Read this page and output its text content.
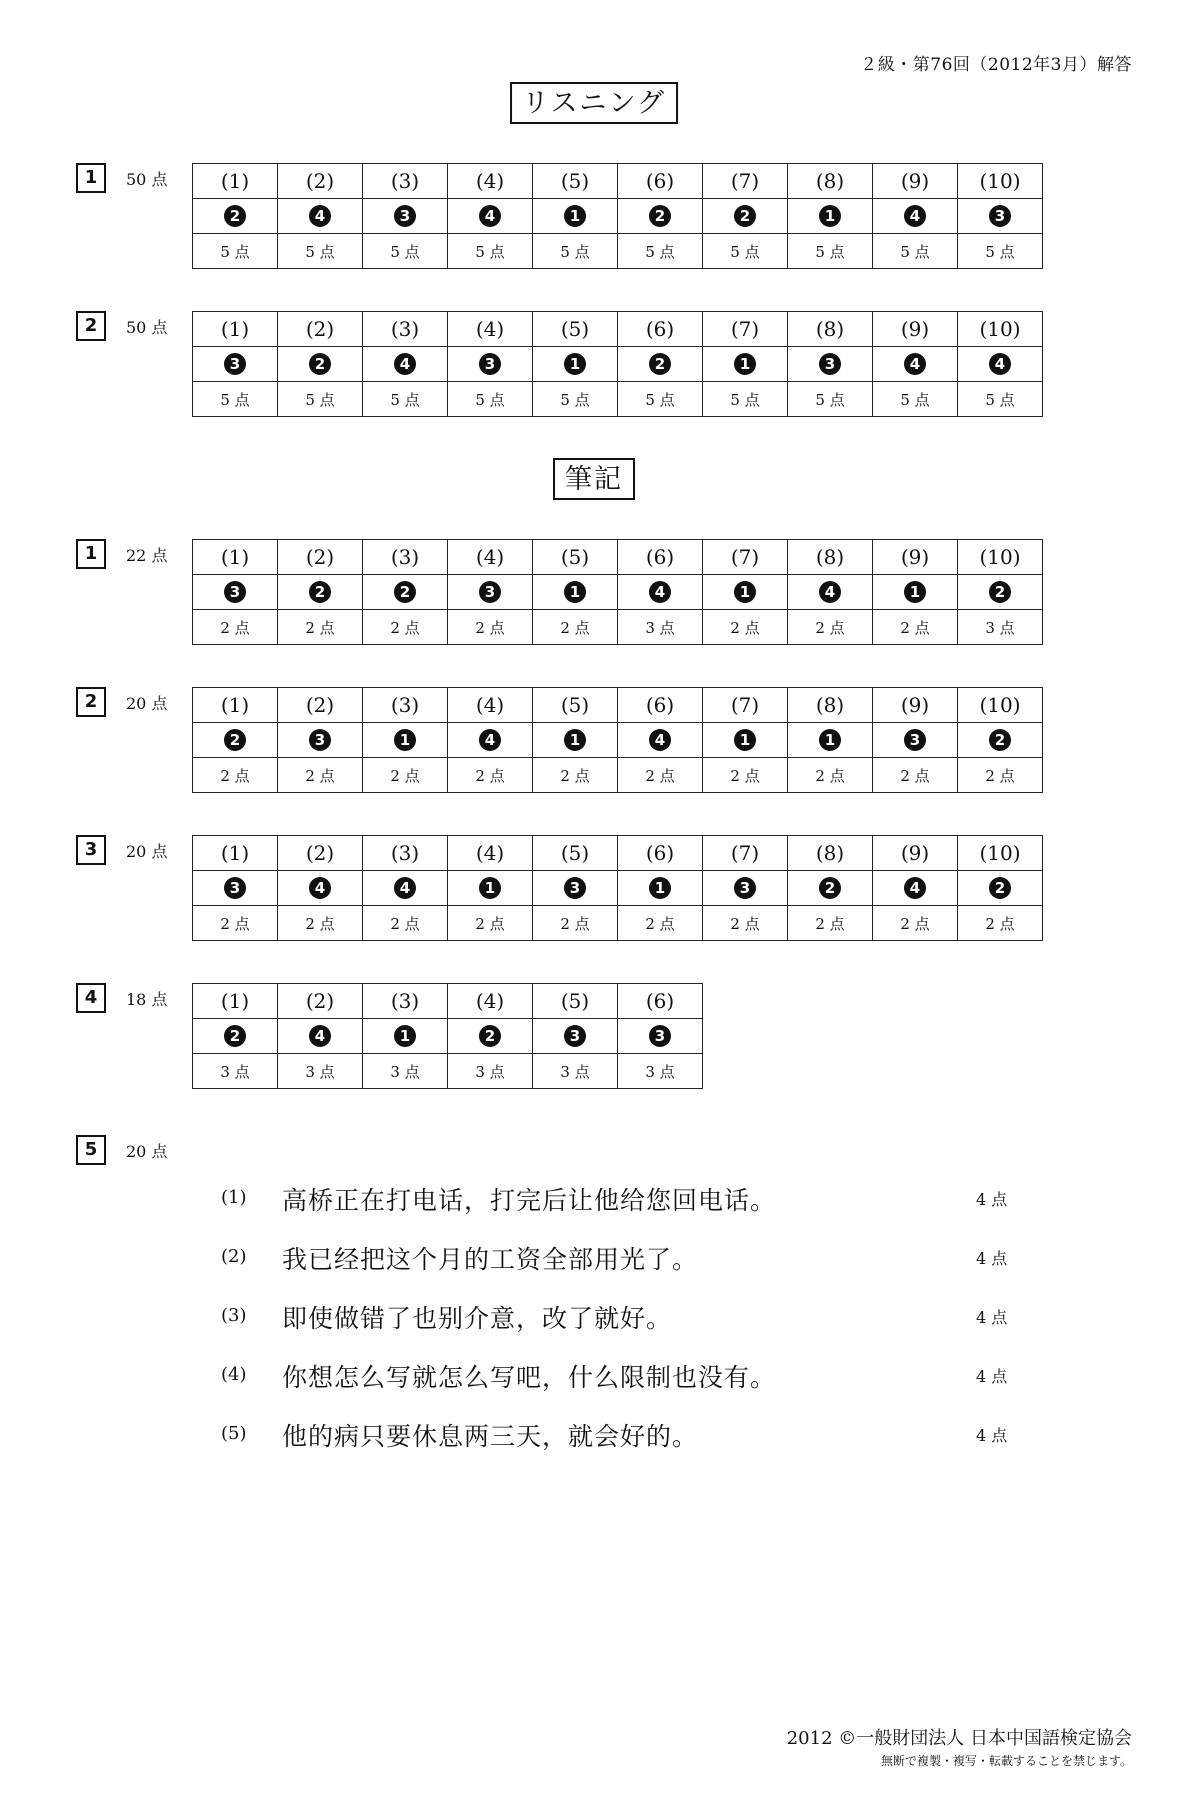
２級・第76回（2012年3月）解答
リスニング
1	50 点	(1)	(2)	(3)	(4)	(5)	(6)	(7)	(8)	(9)	(10)
2	4	3	4	1	2	2	1	4	3
5 点	5 点	5 点	5 点	5 点	5 点	5 点	5 点	5 点	5 点
2	50 点	(1)	(2)	(3)	(4)	(5)	(6)	(7)	(8)	(9)	(10)
3	2	4	3	1	2	1	3	4	4
5 点	5 点	5 点	5 点	5 点	5 点	5 点	5 点	5 点	5 点
筆記
1	22 点	(1)	(2)	(3)	(4)	(5)	(6)	(7)	(8)	(9)	(10)
3	2	2	3	1	4	1	4	1	2
2 点	2 点	2 点	2 点	2 点	3 点	2 点	2 点	2 点	3 点
2	20 点	(1)	(2)	(3)	(4)	(5)	(6)	(7)	(8)	(9)	(10)
2	3	1	4	1	4	1	1	3	2
2 点	2 点	2 点	2 点	2 点	2 点	2 点	2 点	2 点	2 点
3	20 点	(1)	(2)	(3)	(4)	(5)	(6)	(7)	(8)	(9)	(10)
3	4	4	1	3	1	3	2	4	2
2 点	2 点	2 点	2 点	2 点	2 点	2 点	2 点	2 点	2 点
4	18 点	(1)	(2)	(3)	(4)	(5)	(6)
2	4	1	2	3	3
3 点	3 点	3 点	3 点	3 点	3 点
5	20 点
(1) 高桥正在打电话，打完后让他给您回电话。	4 点
(2) 我已经把这个月的工资全部用光了。	4 点
(3) 即使做错了也别介意，改了就好。	4 点
(4) 你想怎么写就怎么写吧，什么限制也没有。	4 点
(5) 他的病只要休息两三天，就会好的。	4 点
2012 ©一般財団法人 日本中国語検定協会
無断で複製・複写・転載することを禁じます。
